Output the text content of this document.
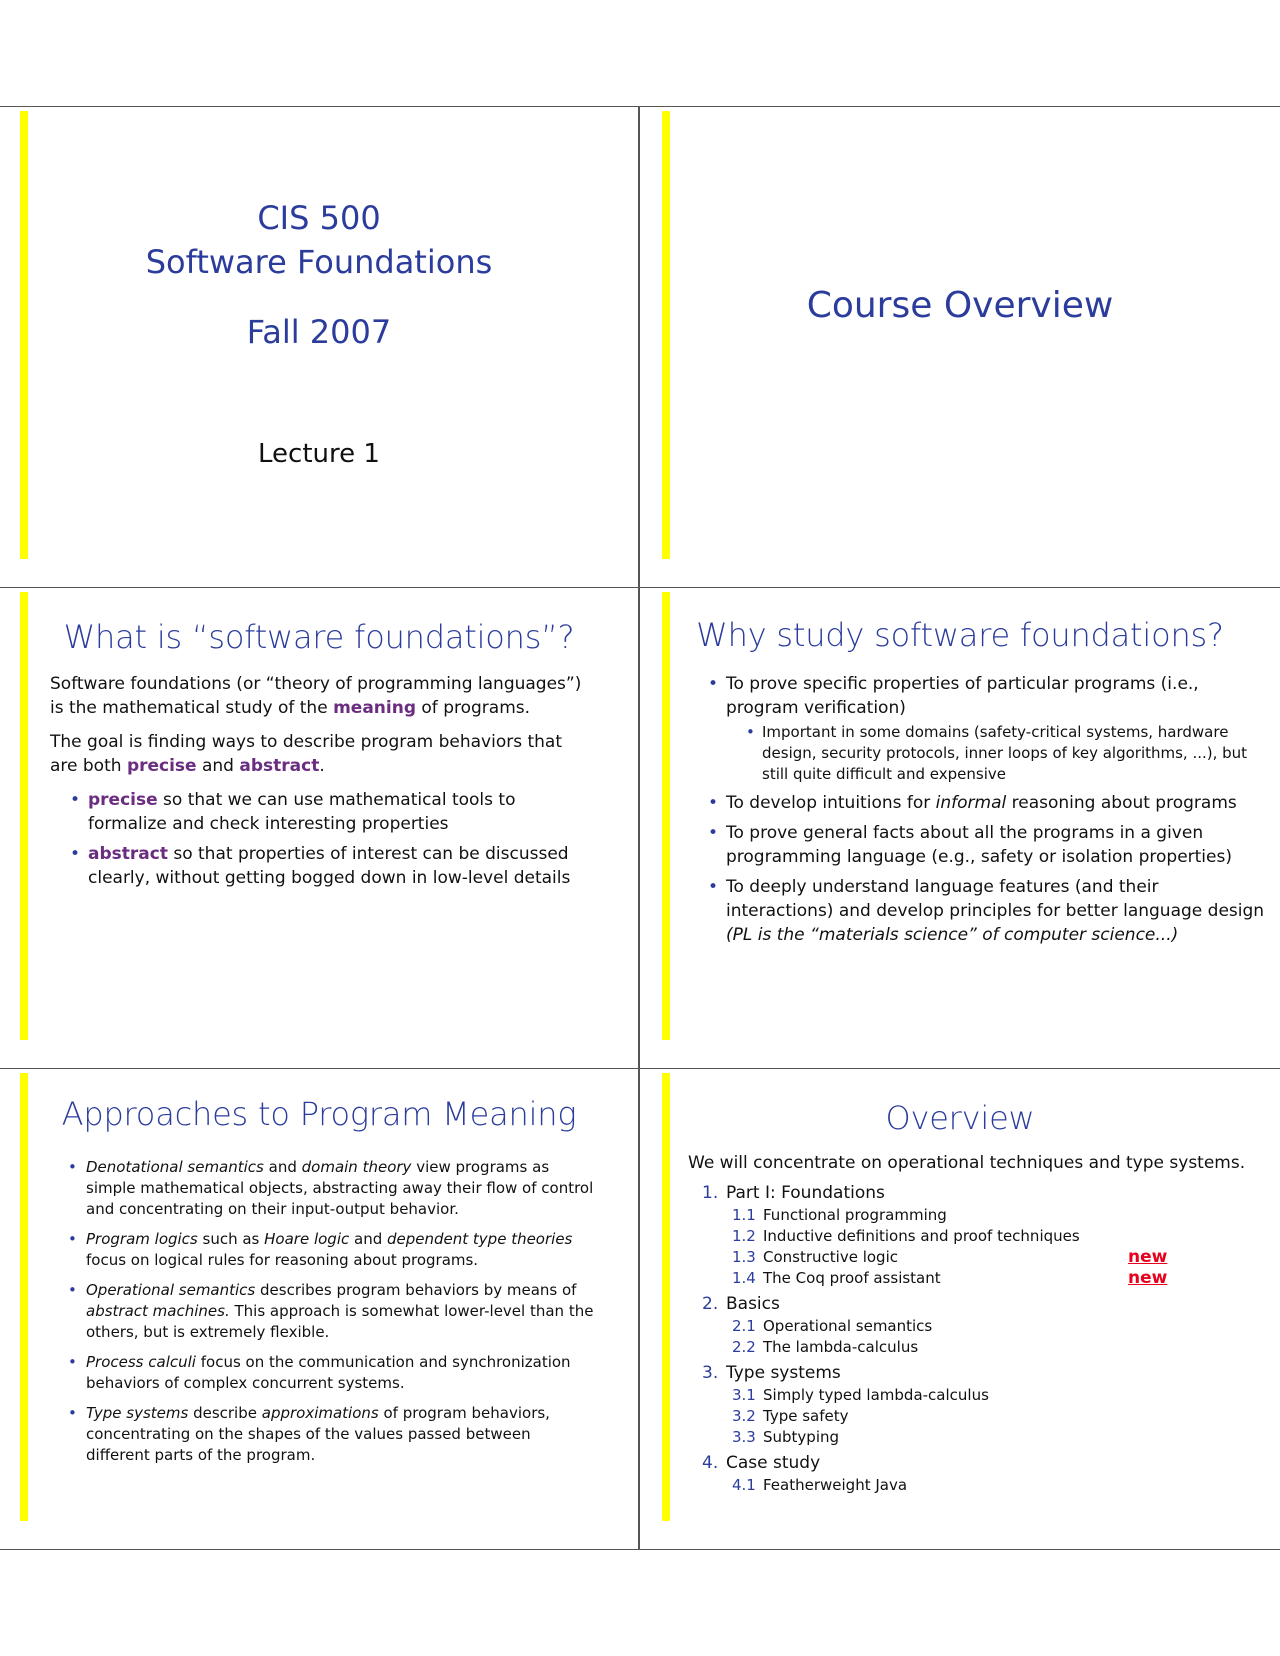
CIS 500
Software Foundations
Fall 2007
Lecture 1
Course Overview
What is “software foundations”?

Software foundations (or “theory of programming languages”) is the mathematical study of the meaning of programs.

The goal is finding ways to describe program behaviors that are both precise and abstract.

• precise so that we can use mathematical tools to formalize and check interesting properties
• abstract so that properties of interest can be discussed clearly, without getting bogged down in low-level details
Why study software foundations?
• To prove specific properties of particular programs (i.e., program verification)
• Important in some domains (safety-critical systems, hardware design, security protocols, inner loops of key algorithms, ...), but still quite difficult and expensive
• To develop intuitions for informal reasoning about programs
• To prove general facts about all the programs in a given programming language (e.g., safety or isolation properties)
• To deeply understand language features (and their interactions) and develop principles for better language design
(PL is the “materials science” of computer science...)
Approaches to Program Meaning
• Denotational semantics and domain theory view programs as simple mathematical objects, abstracting away their flow of control and concentrating on their input-output behavior.
• Program logics such as Hoare logic and dependent type theories focus on logical rules for reasoning about programs.
• Operational semantics describes program behaviors by means of abstract machines. This approach is somewhat lower-level than the others, but is extremely flexible.
• Process calculi focus on the communication and synchronization behaviors of complex concurrent systems.
• Type systems describe approximations of program behaviors, concentrating on the shapes of the values passed between different parts of the program.
Overview
We will concentrate on operational techniques and type systems.
1. Part I: Foundations
1.1 Functional programming
1.2 Inductive definitions and proof techniques
1.3 Constructive logic	new
1.4 The Coq proof assistant	new
2. Basics
2.1 Operational semantics
2.2 The lambda-calculus
3. Type systems
3.1 Simply typed lambda-calculus
3.2 Type safety
3.3 Subtyping
4. Case study
4.1 Featherweight Java
